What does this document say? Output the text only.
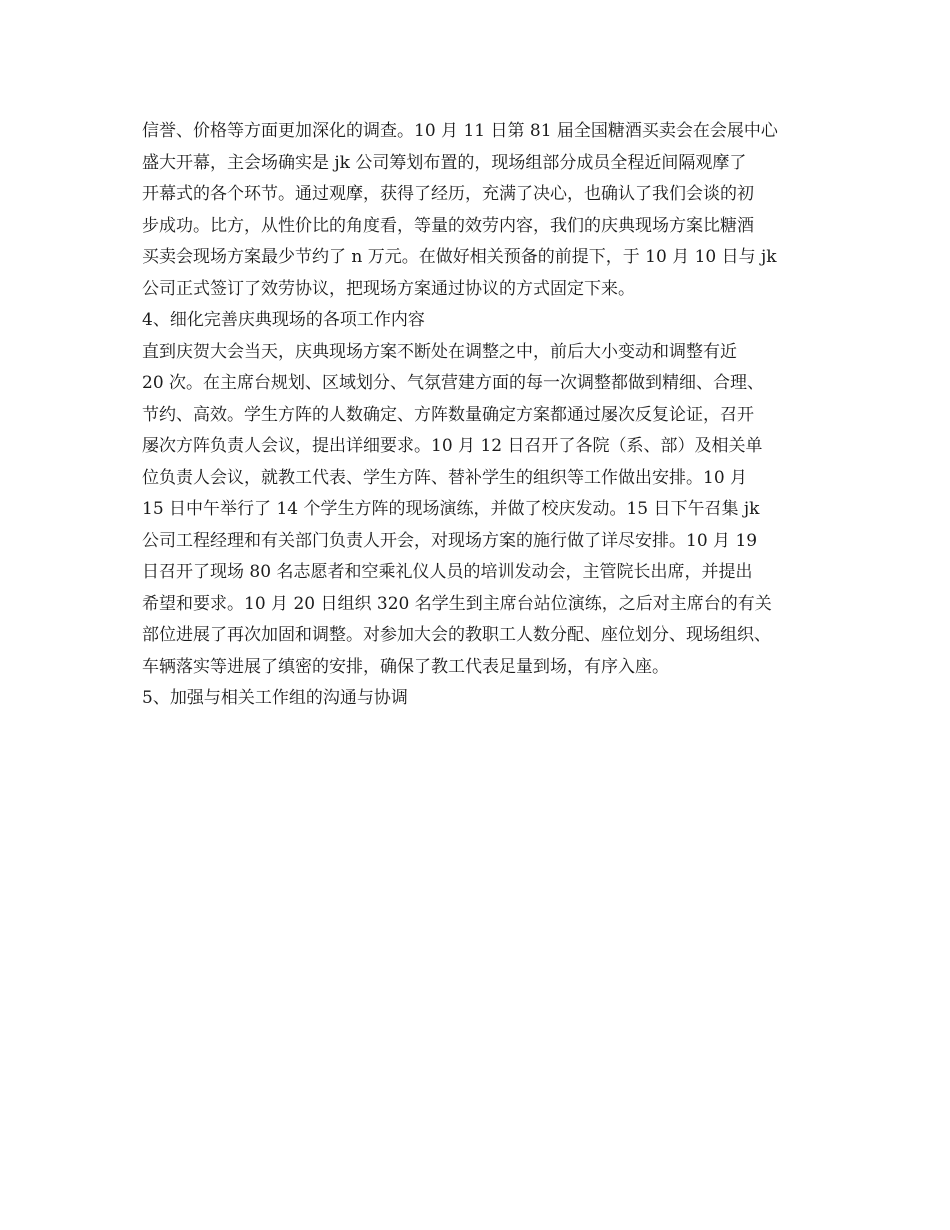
信誉、价格等方面更加深化的调查。10 月 11 日第 81 届全国糖酒买卖会在会展中心
盛大开幕，主会场确实是 jk 公司筹划布置的，现场组部分成员全程近间隔观摩了
开幕式的各个环节。通过观摩，获得了经历，充满了决心，也确认了我们会谈的初
步成功。比方，从性价比的角度看，等量的效劳内容，我们的庆典现场方案比糖酒
买卖会现场方案最少节约了 n 万元。在做好相关预备的前提下，于 10 月 10 日与 jk
公司正式签订了效劳协议，把现场方案通过协议的方式固定下来。
4、细化完善庆典现场的各项工作内容
直到庆贺大会当天，庆典现场方案不断处在调整之中，前后大小变动和调整有近
20 次。在主席台规划、区域划分、气氛营建方面的每一次调整都做到精细、合理、
节约、高效。学生方阵的人数确定、方阵数量确定方案都通过屡次反复论证，召开
屡次方阵负责人会议，提出详细要求。10 月 12 日召开了各院（系、部）及相关单
位负责人会议，就教工代表、学生方阵、替补学生的组织等工作做出安排。10 月
15 日中午举行了 14 个学生方阵的现场演练，并做了校庆发动。15 日下午召集 jk
公司工程经理和有关部门负责人开会，对现场方案的施行做了详尽安排。10 月 19
日召开了现场 80 名志愿者和空乘礼仪人员的培训发动会，主管院长出席，并提出
希望和要求。10 月 20 日组织 320 名学生到主席台站位演练，之后对主席台的有关
部位进展了再次加固和调整。对参加大会的教职工人数分配、座位划分、现场组织、
车辆落实等进展了缜密的安排，确保了教工代表足量到场，有序入座。
5、加强与相关工作组的沟通与协调
